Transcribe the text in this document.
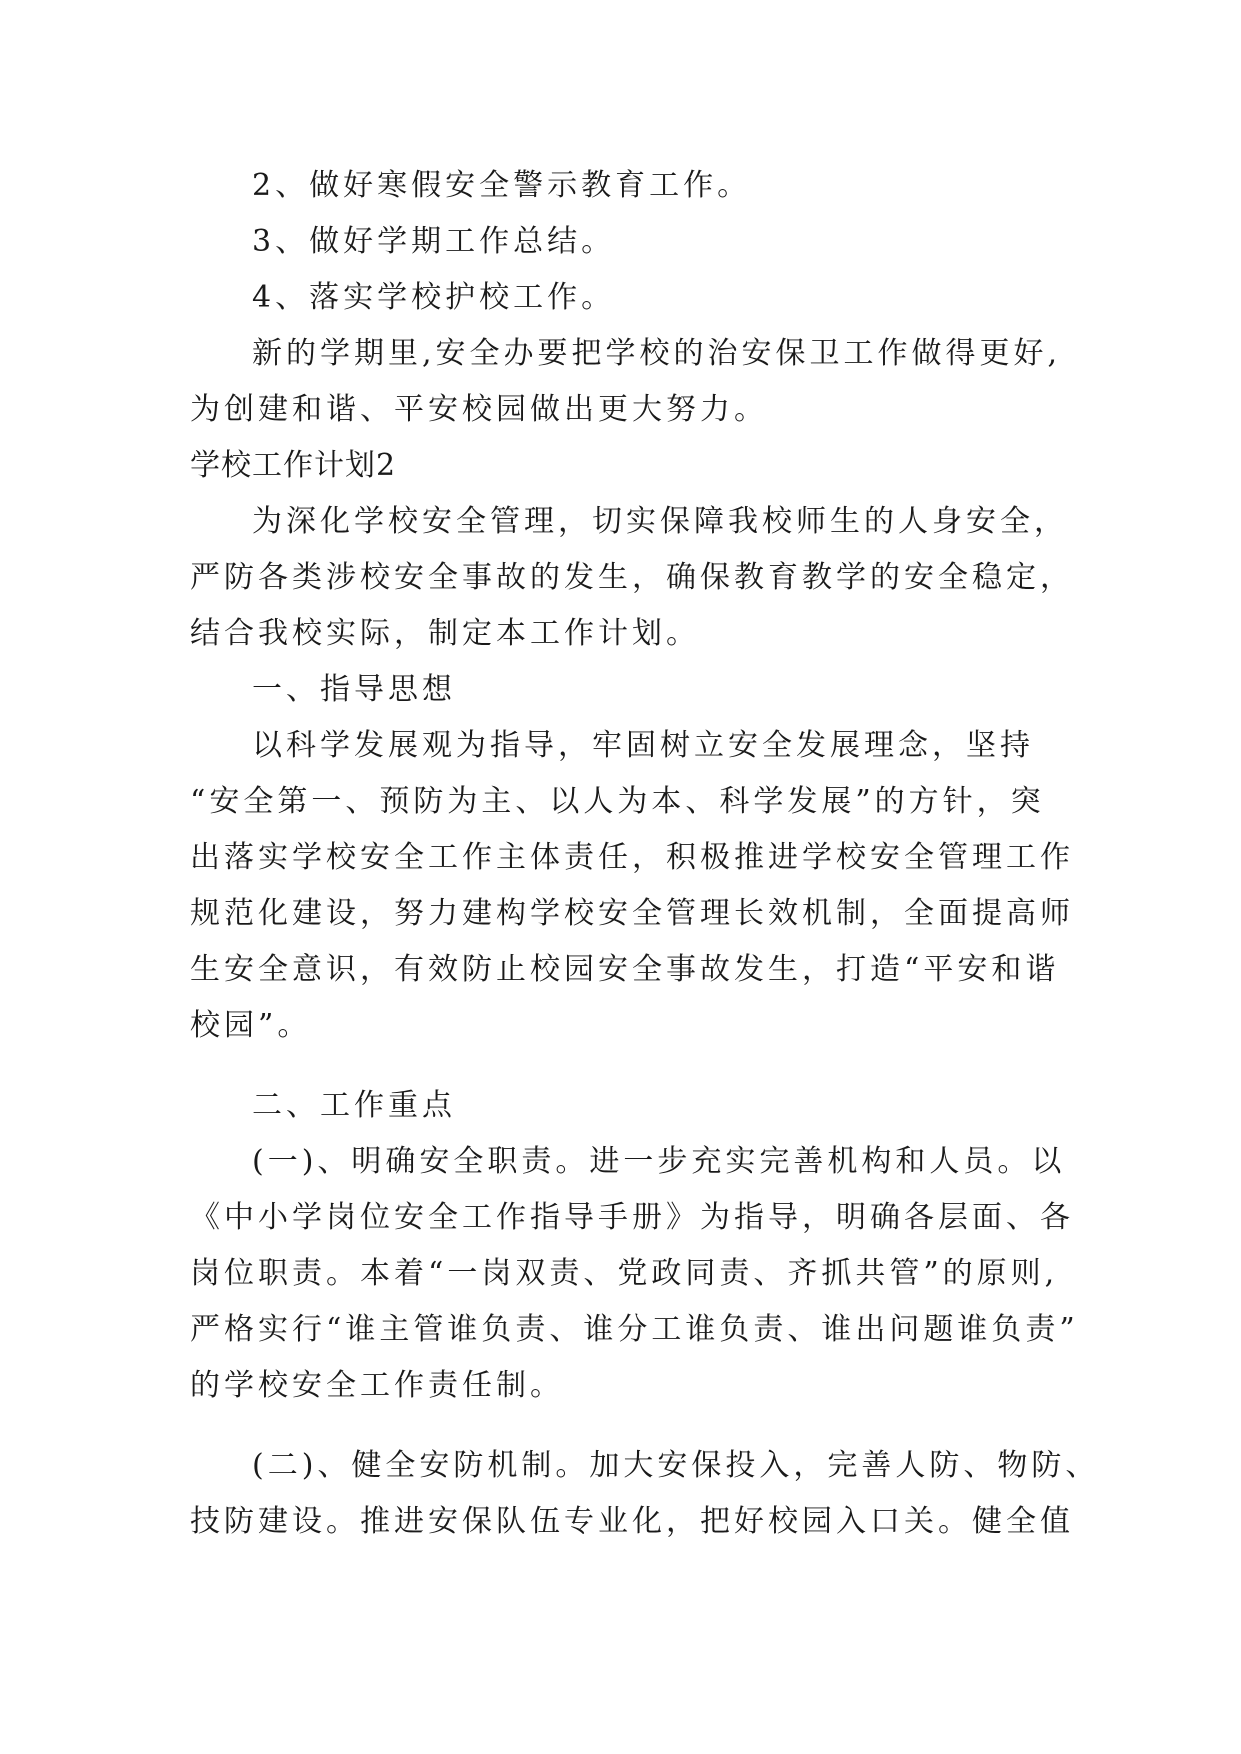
2、做好寒假安全警示教育工作。
3、做好学期工作总结。
4、落实学校护校工作。
新的学期里,安全办要把学校的治安保卫工作做得更好,
为创建和谐、平安校园做出更大努力。
学校工作计划2
为深化学校安全管理，切实保障我校师生的人身安全，
严防各类涉校安全事故的发生，确保教育教学的安全稳定，
结合我校实际，制定本工作计划。
一、指导思想
以科学发展观为指导，牢固树立安全发展理念，坚持
“安全第一、预防为主、以人为本、科学发展”的方针，突
出落实学校安全工作主体责任，积极推进学校安全管理工作
规范化建设，努力建构学校安全管理长效机制，全面提高师
生安全意识，有效防止校园安全事故发生，打造“平安和谐
校园”。
二、工作重点
(一)、明确安全职责。进一步充实完善机构和人员。以
《中小学岗位安全工作指导手册》为指导，明确各层面、各
岗位职责。本着“一岗双责、党政同责、齐抓共管”的原则,
严格实行“谁主管谁负责、谁分工谁负责、谁出问题谁负责”
的学校安全工作责任制。
(二)、健全安防机制。加大安保投入，完善人防、物防、
技防建设。推进安保队伍专业化，把好校园入口关。健全值
